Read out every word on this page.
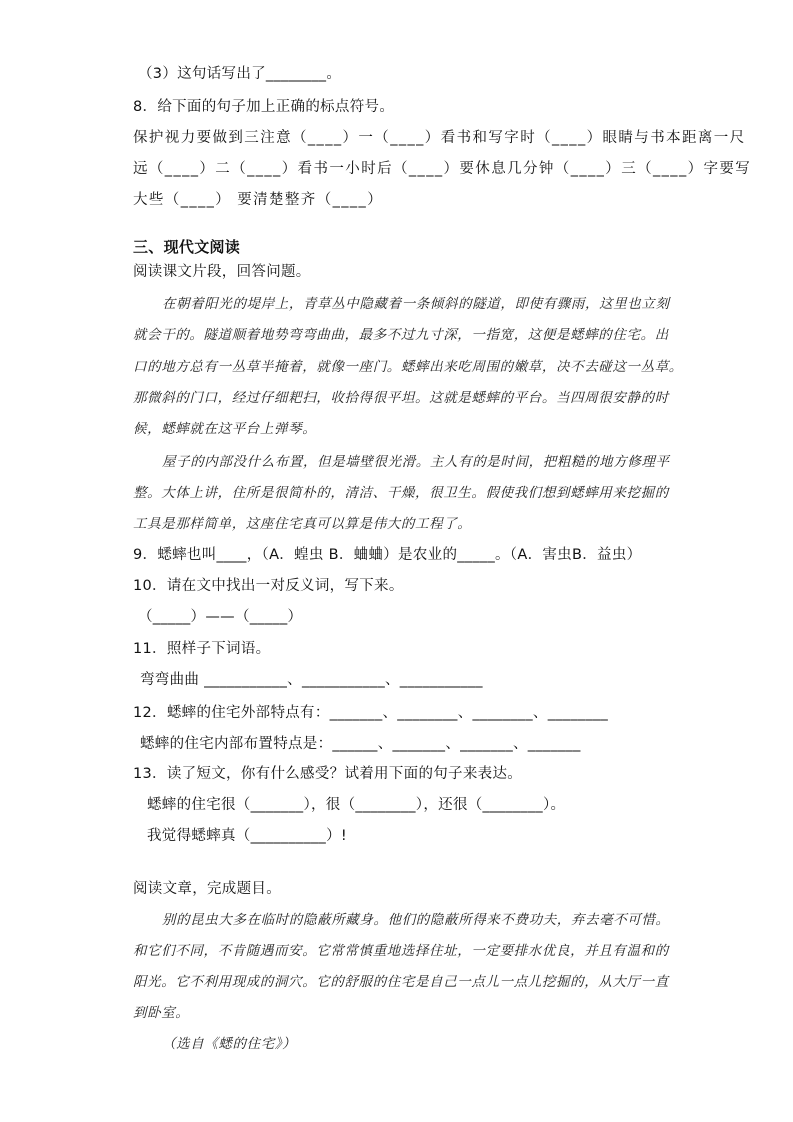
（3）这句话写出了________。
8．给下面的句子加上正确的标点符号。
保护视力要做到三注意（____）一（____）看书和写字时（____）眼睛与书本距离一尺
远（____）二（____）看书一小时后（____）要休息几分钟（____）三（____）字要写
大些（____） 要清楚整齐（____）
三、现代文阅读
阅读课文片段，回答问题。
在朝着阳光的堤岸上，青草丛中隐藏着一条倾斜的隧道，即使有骤雨，这里也立刻
就会干的。隧道顺着地势弯弯曲曲，最多不过九寸深，一指宽，这便是蟋蟀的住宅。出
口的地方总有一丛草半掩着，就像一座门。蟋蟀出来吃周围的嫩草，决不去碰这一丛草。
那微斜的门口，经过仔细耙扫，收拾得很平坦。这就是蟋蟀的平台。当四周很安静的时
候，蟋蟀就在这平台上弹琴。
屋子的内部没什么布置，但是墙壁很光滑。主人有的是时间，把粗糙的地方修理平
整。大体上讲，住所是很简朴的，清洁、干燥，很卫生。假使我们想到蟋蟀用来挖掘的
工具是那样简单，这座住宅真可以算是伟大的工程了。
9．蟋蟀也叫____，（A．蝗虫 B．蛐蛐）是农业的_____。（A．害虫B．益虫）
10．请在文中找出一对反义词，写下来。
（_____）——（_____）
11．照样子下词语。
弯弯曲曲 ___________、___________、___________
12．蟋蟀的住宅外部特点有：_______、________、________、________
蟋蟀的住宅内部布置特点是：______、_______、_______、_______
13．读了短文，你有什么感受？试着用下面的句子来表达。
蟋蟀的住宅很（_______），很（________），还很（________）。
我觉得蟋蟀真（__________）!
阅读文章，完成题目。
别的昆虫大多在临时的隐蔽所藏身。他们的隐蔽所得来不费功夫，弃去毫不可惜。
和它们不同，不肯随遇而安。它常常慎重地选择住址，一定要排水优良，并且有温和的
阳光。它不利用现成的洞穴。它的舒服的住宅是自己一点儿一点儿挖掘的，从大厅一直
到卧室。
（选自《蟋的住宅》）
